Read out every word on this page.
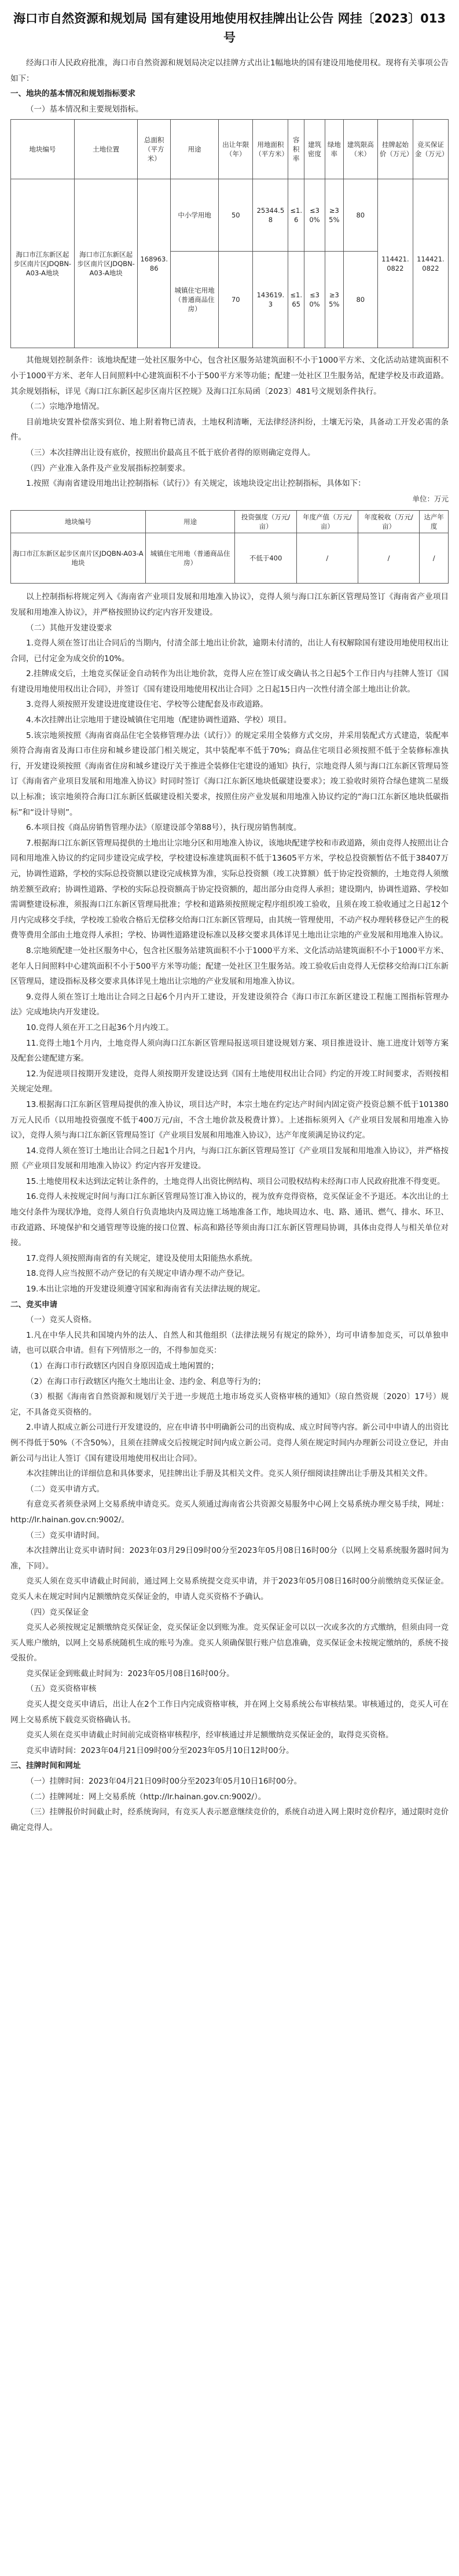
海口市自然资源和规划局 国有建设用地使用权挂牌出让公告 网挂〔2023〕013号

经海口市人民政府批准，海口市自然资源和规划局决定以挂牌方式出让1幅地块的国有建设用地使用权。现将有关事项公告如下：

一、地块的基本情况和规划指标要求

（一）基本情况和主要规划指标。

地块编号	土地位置	总面积（平方米）	用途	出让年限（年）	用地面积（平方米）	容积率	建筑密度	绿地率	建筑限高（米）	挂牌起始价（万元）	竞买保证金（万元）
海口市江东新区起步区南片区JDQBN-A03-A地块	海口市江东新区起步区南片区JDQBN-A03-A地块	168963.86	中小学用地	50	25344.58	≤1.6	≤30%	≥35%	80	114421.0822	114421.0822
			城镇住宅用地（普通商品住房）	70	143619.3	≤1.65	≤30%	≥35%	80		

其他规划控制条件：该地块配建一处社区服务中心，包含社区服务站建筑面积不小于1000平方米、文化活动站建筑面积不小于1000平方米、老年人日间照料中心建筑面积不小于500平方米等功能；配建一处社区卫生服务站，配建学校及市政道路。其余规划指标，详见《海口江东新区起步区南片区控规》及海口江东局函〔2023〕481号文规划条件执行。

（二）宗地净地情况。

目前地块安置补偿落实到位、地上附着物已清表，土地权利清晰，无法律经济纠纷，土壤无污染，具备动工开发必需的条件。

（三）本次挂牌出让设有底价，按照出价最高且不低于底价者得的原则确定竞得人。

（四）产业准入条件及产业发展指标控制要求。

1.按照《海南省建设用地出让控制指标（试行）》有关规定，该地块设定出让控制指标，具体如下：

单位：万元

地块编号	用途	投资强度（万元/亩）	年度产值（万元/亩）	年度税收（万元/亩）	达产年度
海口市江东新区起步区南片区JDQBN-A03-A地块	城镇住宅用地（普通商品住房）	不低于400	/	/	/

以上控制指标将规定列入《海南省产业项目发展和用地准入协议》，竞得人须与海口江东新区管理局签订《海南省产业项目发展和用地准入协议》，并严格按照协议约定内容开发建设。

（二）其他开发建设要求

1.竞得人须在签订出让合同后的当期内，付清全部土地出让价款，逾期未付清的，出让人有权解除国有建设用地使用权出让合同，已付定金为成交价的10%。

2.挂牌成交后，土地竞买保证金自动转作为出让地价款，竞得人应在签订成交确认书之日起5个工作日内与挂牌人签订《国有建设用地使用权出让合同》，并签订《国有建设用地使用权出让合同》之日起15日内一次性付清全部土地出让价款。

3.竞得人须按照开发建设进度建设住宅、学校等公建配套及市政道路。

4.本次挂牌出让宗地用于建设城镇住宅用地（配建协调性道路、学校）项目。

5.该宗地须按照《海南省商品住宅全装修管理办法（试行）》的规定采用全装修方式交房，并采用装配式方式建造，装配率须符合海南省及海口市住房和城乡建设部门相关规定，其中装配率不低于70%；商品住宅项目必须按照不低于全装修标准执行，开发建设须按照《海南省住房和城乡建设厅关于推进全装修住宅建设的通知》执行，宗地竞得人须与海口江东新区管理局签订《海南省产业项目发展和用地准入协议》时同时签订《海口江东新区地块低碳建设要求》；竣工验收时须符合绿色建筑二星级以上标准；该宗地须符合海口江东新区低碳建设相关要求，按照住房产业发展和用地准入协议约定的“海口江东新区地块低碳指标”和“设计导则”。

6.本项目按《商品房销售管理办法》（原建设部令第88号），执行现房销售制度。

7.根据海口江东新区管理局提供的土地出让宗地分区和用地准入协议，该地块配建学校和市政道路，须由竞得人按照出让合同和用地准入协议的约定同步建设完成学校，学校建设标准建筑面积不低于13605平方米，学校总投资额暂估不低于38407万元，协调性道路，学校的实际总投资额以建设完成核算为准，实际总投资额（竣工决算额）低于协定投资额的，土地竞得人须缴纳差额至政府；协调性道路、学校的实际总投资额高于协定投资额的，超出部分由竞得人承担；建设期内，协调性道路、学校如需调整建设标准，须报海口江东新区管理局批准；学校和道路须按照规定程序组织竣工验收，且须在竣工验收通过之日起12个月内完成移交手续，学校竣工验收合格后无偿移交给海口江东新区管理局，由其统一管理使用，不动产权办理转移登记产生的税费等费用全部由土地竞得人承担；学校、协调性道路建设标准以及移交要求具体详见土地出让宗地的产业发展和用地准入协议。

8.宗地须配建一处社区服务中心，包含社区服务站建筑面积不小于1000平方米、文化活动站建筑面积不小于1000平方米、老年人日间照料中心建筑面积不小于500平方米等功能；配建一处社区卫生服务站。竣工验收后由竞得人无偿移交给海口江东新区管理局，建设指标及移交要求具体详见土地出让宗地的产业发展和用地准入协议。

9.竞得人须在签订土地出让合同之日起6个月内开工建设，开发建设须符合《海口市江东新区建设工程施工图指标管理办法》完成地块内开发建设。

10.竞得人须在开工之日起36个月内竣工。

11.竞得土地1个月内，土地竞得人须向海口江东新区管理局报送项目建设规划方案、项目推进设计、施工进度计划等方案及配套公建配建方案。

12.为促进项目按期开发建设，竞得人须按期开发建设达到《国有土地使用权出让合同》约定的开竣工时间要求，否则按相关规定处理。

13.根据海口江东新区管理局提供的准入协议，项目达产时，本宗土地在约定达产时间内固定资产投资总额不低于101380万元人民币（以用地投资强度不低于400万元/亩，不含土地价款及税费计算）。上述指标须列入《产业项目发展和用地准入协议》，竞得人须与海口江东新区管理局签订《产业项目发展和用地准入协议》，达产年度须满足协议约定。

14.竞得人须在签订土地出让合同之日起1个月内，与海口江东新区管理局签订《产业项目发展和用地准入协议》，并严格按照《产业项目发展和用地准入协议》约定内容开发建设。

15.土地使用权未达到法定转让条件的，土地竞得人出资比例结构、项目公司股权结构未经海口市人民政府批准不得变更。

16.竞得人未按规定时间与海口江东新区管理局签订准入协议的，视为放弃竞得资格，竞买保证金不予退还。本次出让的土地交付条件为现状净地，竞得人须自行负责地块内及周边施工场地准备工作，地块周边水、电、路、通讯、燃气、排水、环卫、市政道路、环境保护和交通管理等设施的接口位置、标高和路径等须由海口江东新区管理局协调，具体由竞得人与相关单位对接。

17.竞得人须按照海南省的有关规定，建设及使用太阳能热水系统。

18.竞得人应当按照不动产登记的有关规定申请办理不动产登记。

19.本出让宗地的开发建设须遵守国家和海南省有关法律法规的规定。

二、竞买申请

（一）竞买人资格。

1.凡在中华人民共和国境内外的法人、自然人和其他组织（法律法规另有规定的除外），均可申请参加竞买，可以单独申请，也可以联合申请。但有下列情形之一的，不得参加竞买：

（1）在海口市行政辖区内因自身原因造成土地闲置的；

（2）在海口市行政辖区内拖欠土地出让金、违约金、利息等行为的；

（3）根据《海南省自然资源和规划厅关于进一步规范土地市场竞买人资格审核的通知》（琼自然资规〔2020〕17号）规定，不具备竞买资格的。

2.申请人拟成立新公司进行开发建设的，应在申请书中明确新公司的出资构成、成立时间等内容。新公司中申请人的出资比例不得低于50%（不含50%），且须在挂牌成交后按规定时间内成立新公司。竞得人须在规定时间内办理新公司设立登记，并由新公司与出让人签订《国有建设用地使用权出让合同》。

本次挂牌出让的详细信息和具体要求，见挂牌出让手册及其相关文件。竞买人须仔细阅读挂牌出让手册及其相关文件。

（二）竞买申请方式。

有意竞买者须登录网上交易系统申请竞买。竞买人须通过海南省公共资源交易服务中心网上交易系统办理交易手续，网址：http://lr.hainan.gov.cn:9002/。

（三）竞买申请时间。

本次挂牌出让竞买申请时间：2023年03月29日09时00分至2023年05月08日16时00分（以网上交易系统服务器时间为准，下同）。

竞买人须在竞买申请截止时间前，通过网上交易系统提交竞买申请，并于2023年05月08日16时00分前缴纳竞买保证金。竞买人未在规定时间内足额缴纳竞买保证金的，申请人竞买资格不予确认。

（四）竞买保证金

竞买人必须按规定足额缴纳竞买保证金，竞买保证金以到账为准。竞买保证金可以以一次或多次的方式缴纳，但须由同一竞买人账户缴纳，以网上交易系统随机生成的账号为准。竞买人须确保银行账户信息准确，竞买保证金未按规定缴纳的，系统不接受报价。

竞买保证金到账截止时间为：2023年05月08日16时00分。

（五）竞买资格审核

竞买人提交竞买申请后，出让人在2个工作日内完成资格审核，并在网上交易系统公布审核结果。审核通过的，竞买人可在网上交易系统下载竞买资格确认书。

竞买人须在竞买申请截止时间前完成资格审核程序，经审核通过并足额缴纳竞买保证金的，取得竞买资格。

竞买申请时间：2023年04月21日09时00分至2023年05月10日12时00分。

三、挂牌时间和网址

（一）挂牌时间：2023年04月21日09时00分至2023年05月10日16时00分。

（二）挂牌网址：网上交易系统（http://lr.hainan.gov.cn:9002/）。

（三）挂牌报价时间截止时，经系统询问，有竞买人表示愿意继续竞价的，系统自动进入网上限时竞价程序，通过限时竞价确定竞得人。
